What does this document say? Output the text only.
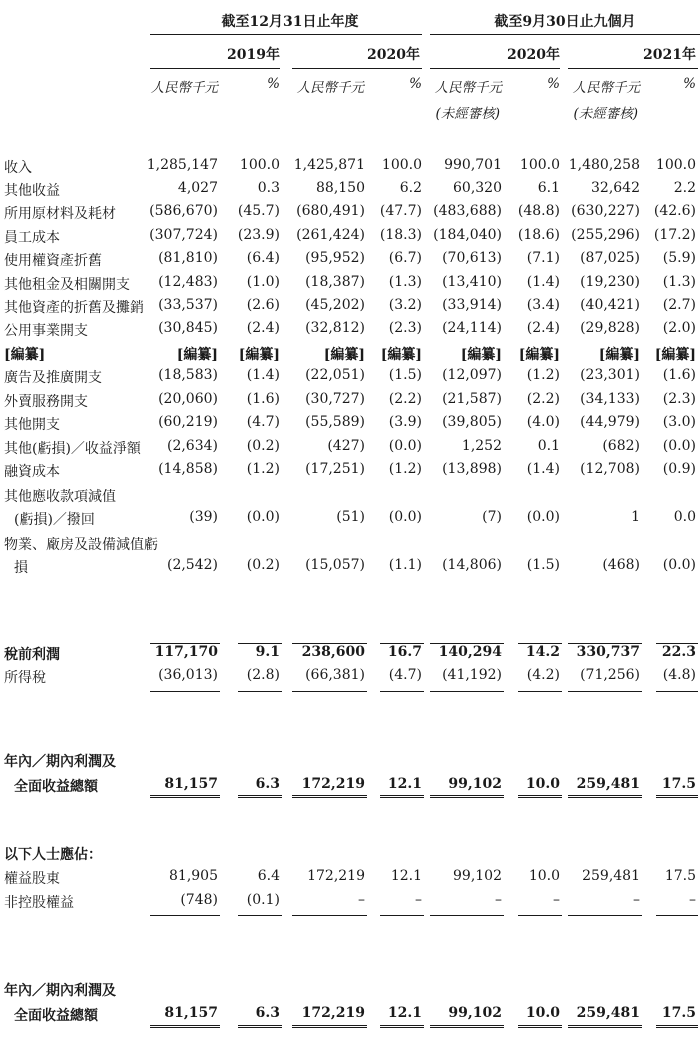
截至12月31日止年度	截至9月30日止九個月
2019年	2020年	2020年	2021年
人民幣千元	%	人民幣千元	% 人民幣千元	% 人民幣千元	%
(未經審核)	(未經審核)
收入	1,285,147	100.0 1,425,871	100.0	990,701	100.0 1,480,258	100.0
其他收益	4,027	0.3	88,150	6.2	60,320	6.1	32,642	2.2
所用原材料及耗材	(586,670)	(45.7)	(680,491)	(47.7) (483,688)	(48.8) (630,227) (42.6)
員工成本	(307,724)	(23.9)	(261,424)	(18.3) (184,040)	(18.6) (255,296) (17.2)
使用權資產折舊	(81,810)	(6.4)	(95,952)	(6.7)	(70,613)	(7.1)	(87,025)	(5.9)
其他租金及相關開支	(12,483)	(1.0)	(18,387)	(1.3)	(13,410)	(1.4)	(19,230)	(1.3)
其他資產的折舊及攤銷	(33,537)	(2.6)	(45,202)	(3.2)	(33,914)	(3.4)	(40,421)	(2.7)
公用事業開支	(30,845)	(2.4)	(32,812)	(2.3)	(24,114)	(2.4)	(29,828)	(2.0)
[編纂]	[編纂]	[編纂]	[編纂]	[編纂]	[編纂]	[編纂]	[編纂]	[編纂]
廣告及推廣開支	(18,583)	(1.4)	(22,051)	(1.5)	(12,097)	(1.2)	(23,301)	(1.6)
外賣服務開支	(20,060)	(1.6)	(30,727)	(2.2)	(21,587)	(2.2)	(34,133)	(2.3)
其他開支	(60,219)	(4.7)	(55,589)	(3.9)	(39,805)	(4.0)	(44,979)	(3.0)
其他(虧損)／收益淨額	(2,634)	(0.2)	(427)	(0.0)	1,252	0.1	(682)	(0.0)
融資成本	(14,858)	(1.2)	(17,251)	(1.2)	(13,898)	(1.4)	(12,708)	(0.9)
其他應收款項減值
(虧損)／撥回	(39)	(0.0)	(51)	(0.0)	(7)	(0.0)	1	0.0
物業、廠房及設備減值虧
損	(2,542)	(0.2)	(15,057)	(1.1)	(14,806)	(1.5)	(468)	(0.0)
稅前利潤	117,170	9.1	238,600	16.7	140,294	14.2	330,737	22.3
所得稅	(36,013)	(2.8)	(66,381)	(4.7)	(41,192)	(4.2)	(71,256)	(4.8)
年內／期內利潤及
全面收益總額	81,157	6.3	172,219	12.1	99,102	10.0	259,481	17.5
以下人士應佔：
權益股東	81,905	6.4	172,219	12.1	99,102	10.0	259,481	17.5
非控股權益	(748)	(0.1)	–	–	–	–	–	–
年內／期內利潤及
全面收益總額	81,157	6.3	172,219	12.1	99,102	10.0	259,481	17.5
